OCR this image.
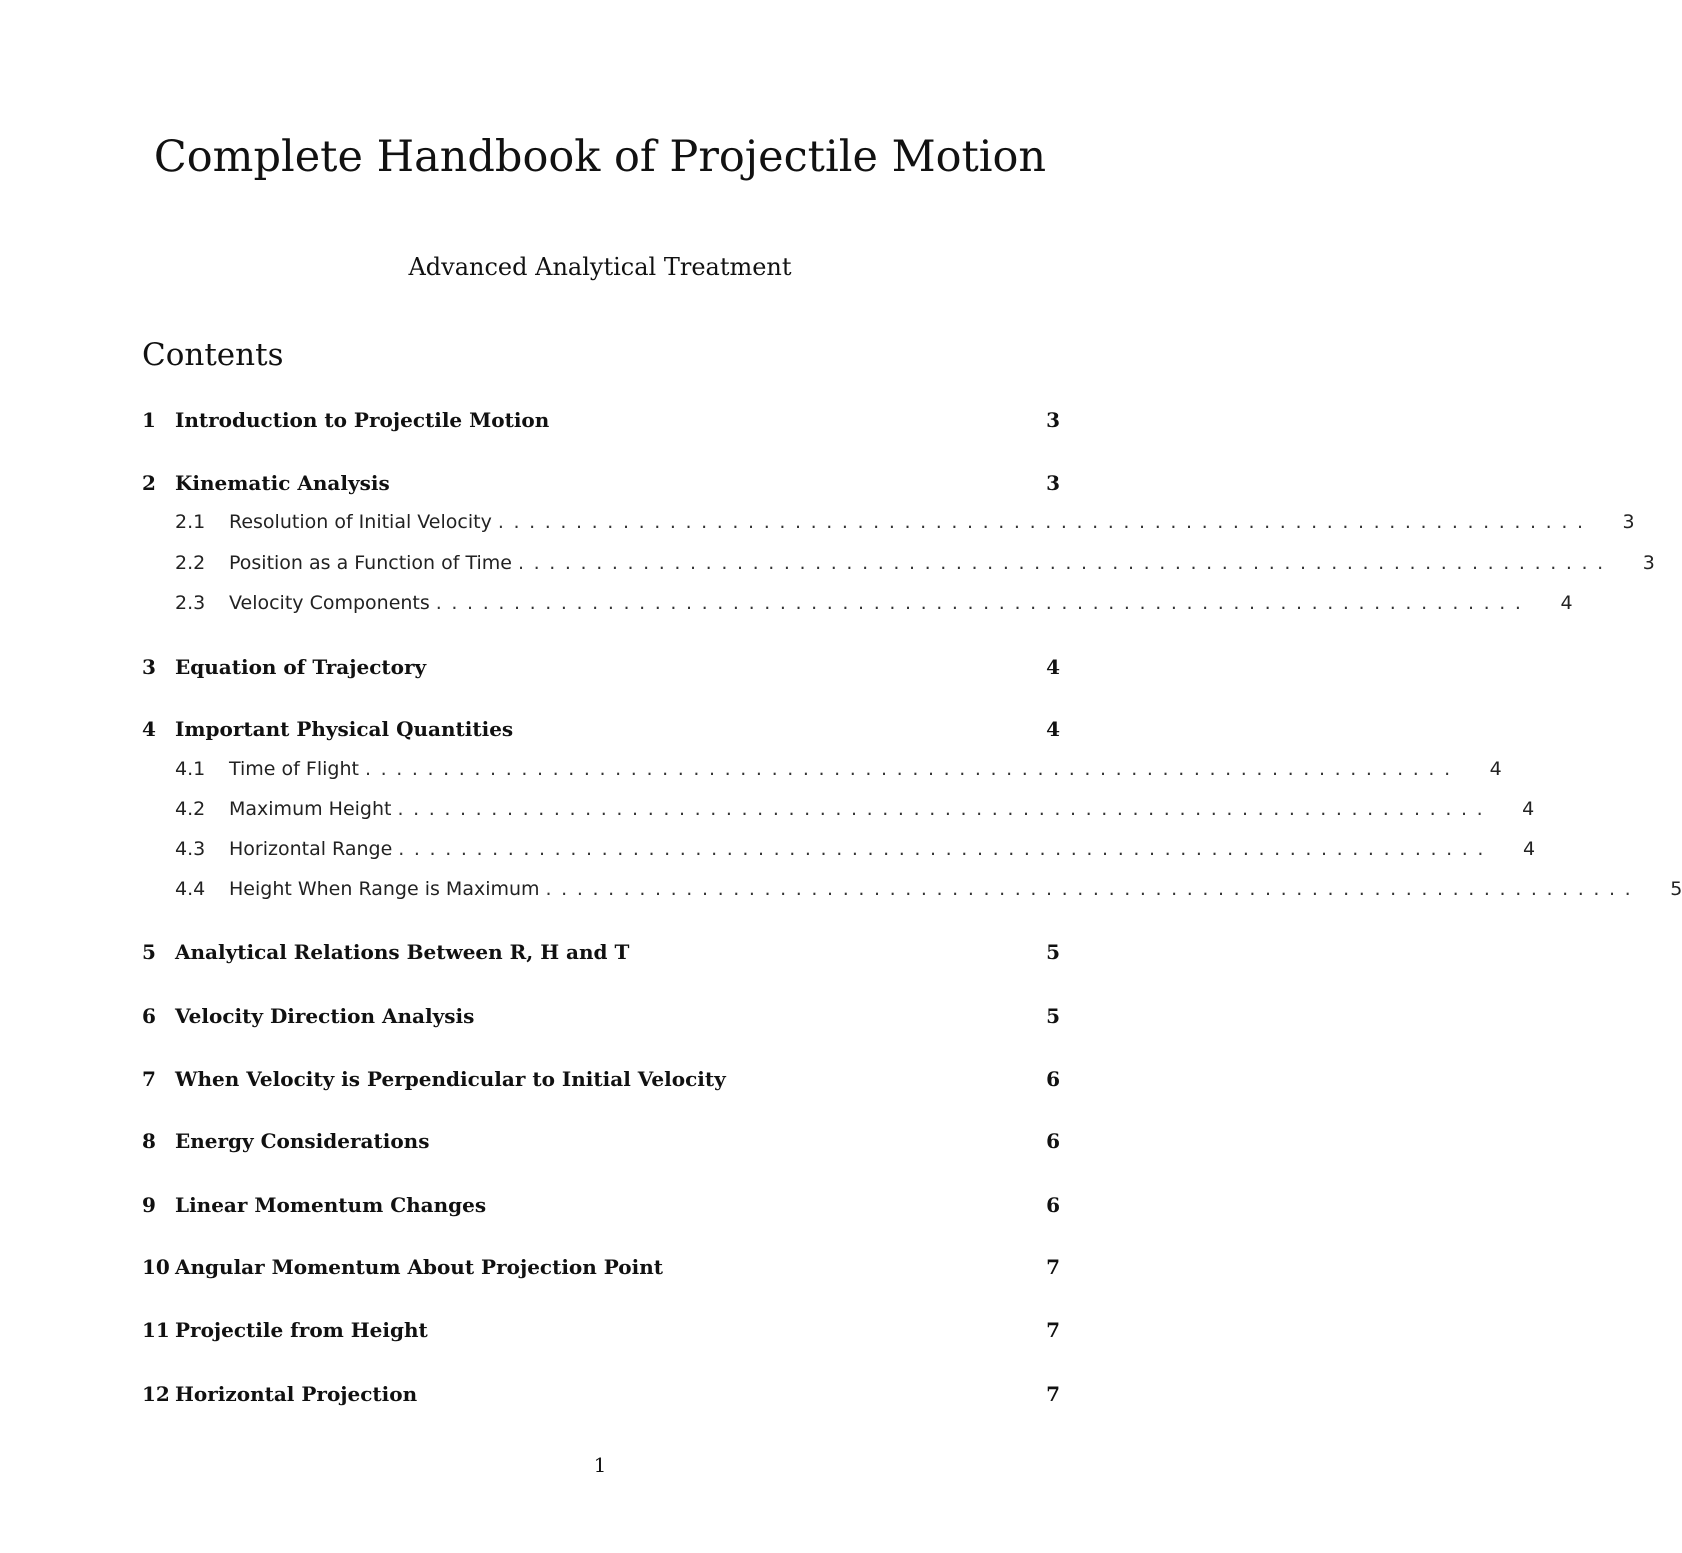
Complete Handbook of Projectile Motion

Advanced Analytical Treatment

Contents
1 Introduction to Projectile Motion	3
2 Kinematic Analysis	3
2.1	Resolution of Initial Velocity ......................................................................	3
2.2	Position as a Function of Time ......................................................................	3
2.3	Velocity Components ......................................................................	4
3 Equation of Trajectory	4
4 Important Physical Quantities	4
4.1	Time of Flight ......................................................................	4
4.2	Maximum Height ......................................................................	4
4.3	Horizontal Range ......................................................................	4
4.4	Height When Range is Maximum ......................................................................	5
5 Analytical Relations Between R, H and T	5
6 Velocity Direction Analysis	5
7 When Velocity is Perpendicular to Initial Velocity	6
8 Energy Considerations	6
9 Linear Momentum Changes	6
10 Angular Momentum About Projection Point	7
11 Projectile from Height	7
12 Horizontal Projection	7
1
